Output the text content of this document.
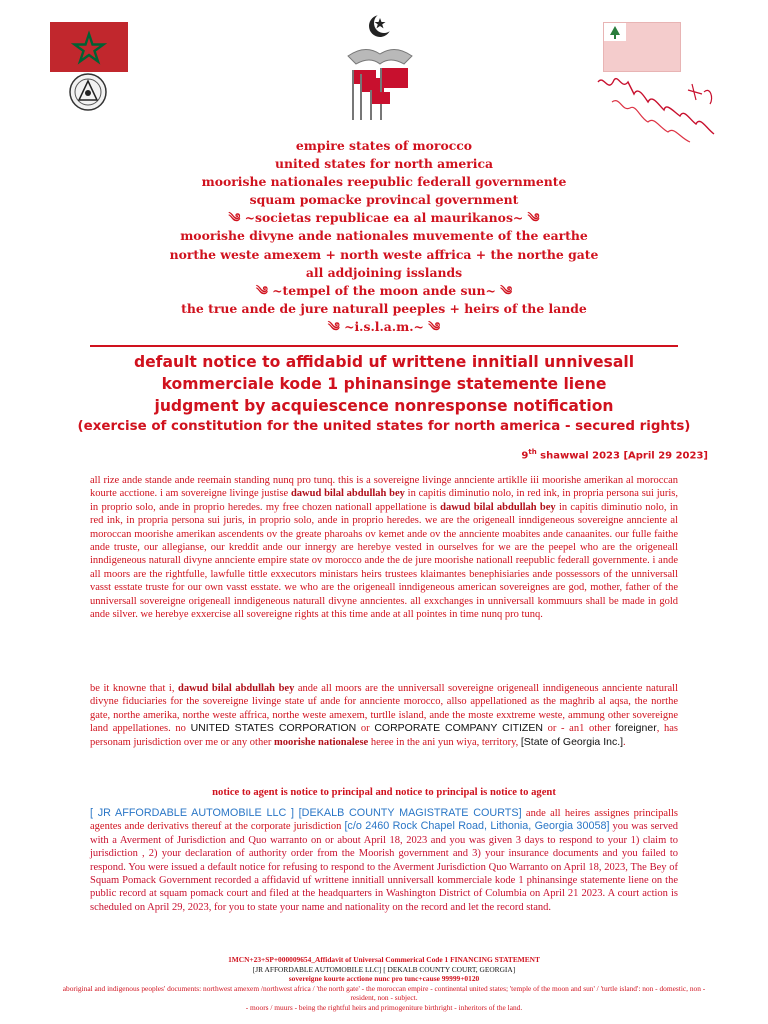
empire states of morocco
united states for north america
moorishe nationales reepublic federall governmente
squam pomacke provincal government
༄ ~societas republicae ea al maurikanos~ ༄
moorishe divyne ande nationales muvemente of the earthe
northe weste amexem + north weste affrica + the northe gate
all addjoining isslands
༄ ~tempel of the moon ande sun~ ༄
the true ande de jure naturall peeples + heirs of the lande
༄ ~i.s.l.a.m.~ ༄
default notice to affidabid uf writtene innitiall unnivesall
kommerciale kode 1 phinansinge statemente liene
judgment by acquiescence nonresponse notification
(exercise of constitution for the united states for north america - secured rights)
9th shawwal 2023 [April 29 2023]
all rize ande stande ande reemain standing nunq pro tunq. this is a sovereigne livinge annciente artiklle iii moorishe amerikan al moroccan kourte acctione. i am sovereigne livinge justise dawud bilal abdullah bey in capitis diminutio nolo, in red ink, in propria persona sui juris, in proprio solo, ande in proprio heredes. my free chozen nationall appellatione is dawud bilal abdullah bey in capitis diminutio nolo, in red ink, in propria persona sui juris, in proprio solo, ande in proprio heredes. we are the origeneall inndigeneous sovereigne annciente al moroccan moorishe amerikan ascendents ov the greate pharoahs ov kemet ande ov the annciente moabites ande canaanites. our fulle faithe ande truste, our allegianse, our kreddit ande our innergy are herebye vested in ourselves for we are the peepel who are the origeneall inndigeneous naturall divyne annciente empire state ov morocco ande the de jure moorishe nationall reepublic federall governmente. i ande all moors are the rightfulle, lawfulle tittle exxecutors ministars heirs trustees klaimantes benephisiaries ande possessors of the unniversall vasst esstate truste for our own vasst esstate. we who are the origeneall inndigeneous american sovereignes are god, mother, father of the unniversall sovereigne origeneall inndigeneous naturall divyne anncientes. all exxchanges in unniversall kommuurs shall be made in gold ande silver. we herebye exxercise all sovereigne rights at this time ande at all pointes in time nunq pro tunq.
be it knowne that i, dawud bilal abdullah bey ande all moors are the unniversall sovereigne origeneall inndigeneous annciente naturall divyne fiduciaries for the sovereigne livinge state uf ande for annciente morocco, allso appellationed as the maghrib al aqsa, the northe gate, northe amerika, northe weste affrica, northe weste amexem, turtlle island, ande the moste exxtreme weste, ammung other sovereigne land appellationes. no UNITED STATES CORPORATION or CORPORATE COMPANY CITIZEN or - an1 other foreigner, has personam jurisdiction over me or any other moorishe nationalese heree in the ani yun wiya, territory, [State of Georgia Inc.].
notice to agent is notice to principal and notice to principal is notice to agent
[ JR AFFORDABLE AUTOMOBILE LLC ] [DEKALB COUNTY MAGISTRATE COURTS] ande all heires assignes principalls agentes ande derivativs thereuf at the corporate jurisdiction [c/o 2460 Rock Chapel Road, Lithonia, Georgia 30058] you was served with a Averment of Jurisdiction and Quo warranto on or about April 18, 2023 and you was given 3 days to respond to your 1) claim to jurisdiction , 2) your declaration of authority order from the Moorish government and 3) your insurance documents and you failed to respond. You were issued a default notice for refusing to respond to the Averment Jurisdiction Quo Warranto on April 18, 2023, The Bey of Squam Pomack Government recorded a affidavid uf writtene innitiall unniversall kommerciale kode 1 phinansinge statemente liene on the public record at squam pomack court and filed at the headquarters in Washington District of Columbia on April 21 2023. A court action is scheduled on April 29, 2023, for you to state your name and nationality on the record and let the record stand.
1MCN+23+SP+000009654_Affidavit of Universal Commerical Code 1 FINANCING STATEMENT
[JR AFFORDABLE AUTOMOBILE LLC] [ DEKALB COUNTY COURT, GEORGIA]
sovereigne kourte acctione nunc pro tunc+cause 99999+0120
aboriginal and indigenous peoples' documents: northwest amexem /northwest africa / 'the north gate' - the moroccan empire - continental united states; 'temple of the moon and sun' / 'turtle island': non - domestic, non - resident, non - subject.
- moors / muurs - being the rightful heirs and primogeniture birthright - inheritors of the land.
